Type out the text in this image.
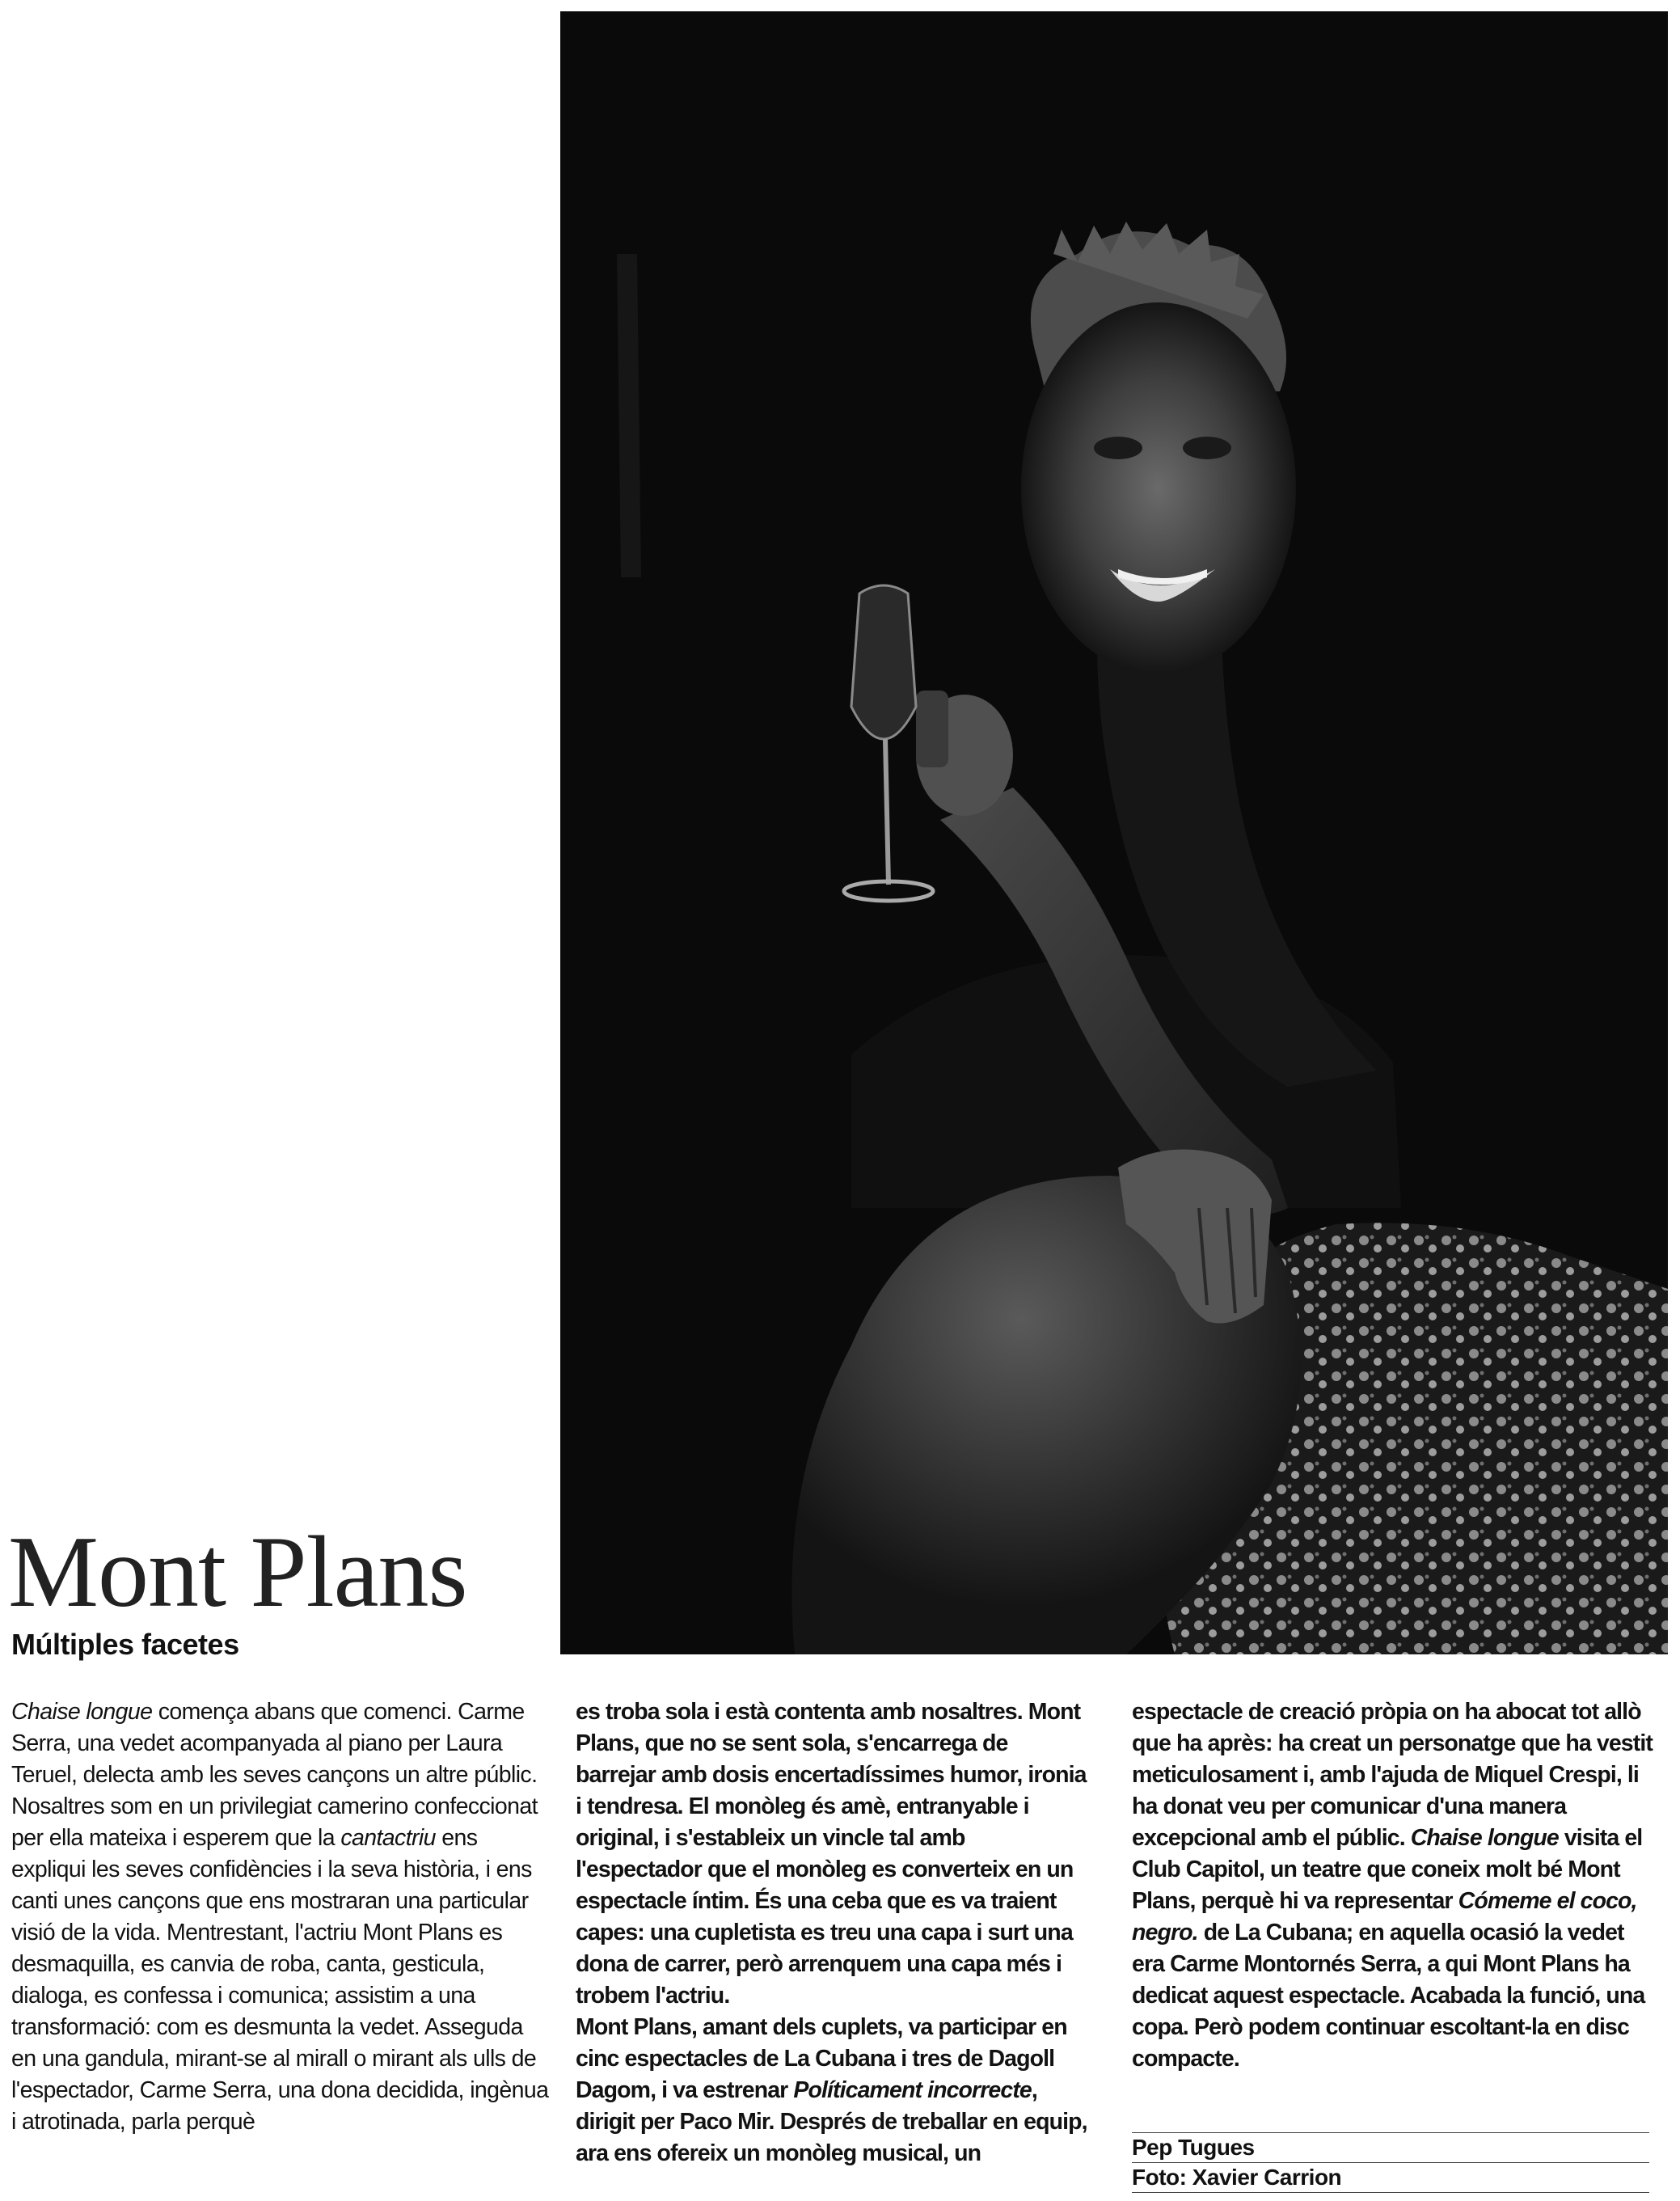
Mont Plans
Múltiples facetes

Chaise longue comença abans que comenci. Carme Serra, una vedet acompanyada al piano per Laura Teruel, delecta amb les seves cançons un altre públic. Nosaltres som en un privilegiat camerino confeccionat per ella mateixa i esperem que la cantactriu ens expliqui les seves confidències i la seva història, i ens canti unes cançons que ens mostraran una particular visió de la vida. Mentrestant, l'actriu Mont Plans es desmaquilla, es canvia de roba, canta, gesticula, dialoga, es confessa i comunica; assistim a una transformació: com es desmunta la vedet. Asseguda en una gandula, mirant-se al mirall o mirant als ulls de l'espectador, Carme Serra, una dona decidida, ingènua i atrotinada, parla perquè

es troba sola i està contenta amb nosaltres. Mont Plans, que no se sent sola, s'encarrega de barrejar amb dosis encertadíssimes humor, ironia i tendresa. El monòleg és amè, entranyable i original, i s'estableix un vincle tal amb l'espectador que el monòleg es converteix en un espectacle íntim. És una ceba que es va traient capes: una cupletista es treu una capa i surt una dona de carrer, però arrenquem una capa més i trobem l'actriu.

Mont Plans, amant dels cuplets, va participar en cinc espectacles de La Cubana i tres de Dagoll Dagom, i va estrenar Políticament incorrecte, dirigit per Paco Mir. Després de treballar en equip, ara ens ofereix un monòleg musical, un

espectacle de creació pròpia on ha abocat tot allò que ha après: ha creat un personatge que ha vestit meticulosament i, amb l'ajuda de Miquel Crespi, li ha donat veu per comunicar d'una manera excepcional amb el públic. Chaise longue visita el Club Capitol, un teatre que coneix molt bé Mont Plans, perquè hi va representar Cómeme el coco, negro. de La Cubana; en aquella ocasió la vedet era Carme Montornés Serra, a qui Mont Plans ha dedicat aquest espectacle. Acabada la funció, una copa. Però podem continuar escoltant-la en disc compacte.

Pep Tugues
Foto: Xavier Carrion
